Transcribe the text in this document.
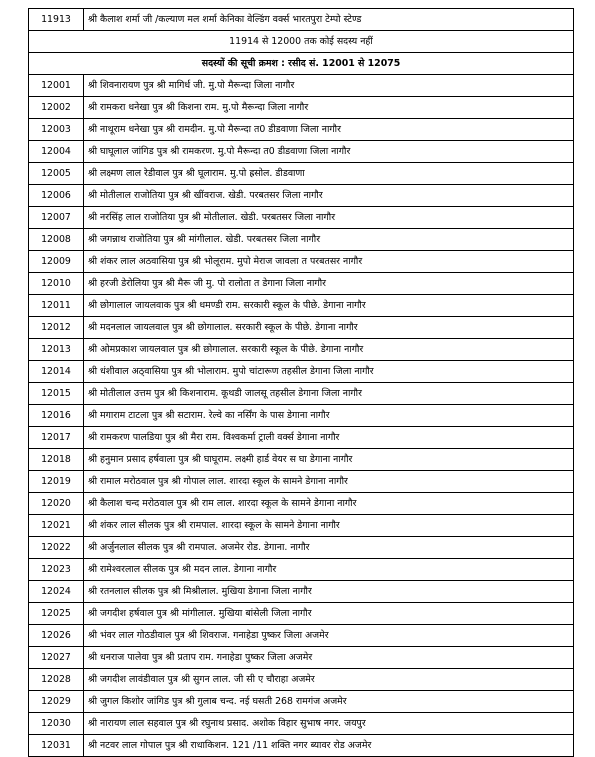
11913	श्री कैलाश शर्मा जी /कल्याण मल शर्मा केनिका वेल्डिंग वर्क्स भारतपुरा टेम्पो स्टेण्ड
11914 से 12000 तक कोई सदस्य नहीं	
सदस्यों की सूची क्रमश : रसीद सं. 12001 से 12075	
12001	श्री शिवनारायण पुत्र श्री मागिर्ध जी. मु.पो मैरून्दा जिला नागौर
12002	श्री रामकरा धनेखा पुत्र श्री किशना राम. मु.पो मैरून्दा जिला नागौर
12003	श्री नाथूराम धनेखा पुत्र श्री रामदीन. मु.पो मैरून्दा त0 डीडवाणा जिला नागौर
12004	श्री घाघूलाल जांगिड पुत्र श्री रामकरण. मु.पो मैरून्दा त0 डीडवाणा जिला नागौर
12005	श्री लक्ष्मण लाल रेडीवाल पुत्र श्री घूलाराम. मु.पो ह्रसोल. डीडवाणा
12006	श्री मोतीलाल राजोतिया पुत्र श्री खींवराज. खेडी. परबतसर जिला नागौर
12007	श्री नरसिंह लाल राजोतिया पुत्र श्री मोतीलाल. खेडी. परबतसर जिला नागौर
12008	श्री जगन्नाथ राजोतिया पुत्र श्री मांगीलाल. खेडी. परबतसर जिला नागौर
12009	श्री शंकर लाल अठवासिया पुत्र श्री भोलूराम. मुपो मेराज जावला त परबतसर नागौर
12010	श्री हरजी डेरोलिया पुत्र श्री मैरू जी मु. पो रालोता त डेगाना जिला नागौर
12011	श्री छोगालाल जायलवाक पुत्र श्री धमण्डी राम. सरकारी स्कूल के पीछे. डेगाना नागौर
12012	श्री मदनलाल जायलवाल पुत्र श्री छोगालाल. सरकारी स्कूल के पीछे. डेगाना नागौर
12013	श्री ओमप्रकाश जायलवाल पुत्र श्री छोगालाल. सरकारी स्कूल के पीछे. डेगाना नागौर
12014	श्री धंशीवाल अठ्वासिया पुत्र श्री भोलाराम. मुपो चांटारूण तहसील डेगाना जिला नागौर
12015	श्री मोतीलाल उत्तम पुत्र श्री किशनाराम. कूथडी जालसू तहसील डेगाना जिला नागौर
12016	श्री मगाराम टाटला पुत्र श्री सटाराम. रेल्वे का नर्सिंग के पास डेगाना नागौर
12017	श्री रामकरण पालडिया पुत्र श्री मैरा राम. विश्वकर्मा ट्राली वर्क्स डेगाना नागौर
12018	श्री हनुमान प्रसाद हर्षवाला पुत्र श्री घाघूराम. लक्ष्मी हार्ड वेयर स घा डेगाना नागौर
12019	श्री रामाल मरोठवाल पुत्र श्री गोपाल लाल. शारदा स्कूल के सामने डेगाना नागौर
12020	श्री कैलाश चन्द मरोठवाल पुत्र श्री राम लाल. शारदा स्कूल के सामने डेगाना नागौर
12021	श्री शंकर लाल सीलक पुत्र श्री रामपाल. शारदा स्कूल के सामने डेगाना नागौर
12022	श्री अर्जुनलाल सीलक पुत्र श्री रामपाल. अजमेर रोड. डेगाना. नागौर
12023	श्री रामेश्वरलाल सीलक पुत्र श्री मदन लाल. डेगाना नागौर
12024	श्री रतनलाल सीलक पुत्र श्री मिश्रीलाल. मुखिया डेगाना जिला नागौर
12025	श्री जगदीश हर्षवाल पुत्र श्री मांगीलाल. मुखिया बांसेली जिला नागौर
12026	श्री भंवर लाल गोठडीवाल पुत्र श्री शिवराज. गनाहेडा पुष्कर जिला अजमेर
12027	श्री धनराज पालेवा पुत्र श्री प्रताप राम. गनाहेडा पुष्कर जिला अजमेर
12028	श्री जगदीश लावंडीवाल पुत्र श्री सुगन लाल. जी सी ए चौराहा अजमेर
12029	श्री जुगल किशोर जांगिड पुत्र श्री गुलाब चन्द. नई घसती 268 रामगंज अजमेर
12030	श्री नारायण लाल सहवाल पुत्र श्री रघुनाथ प्रसाद. अशोक विहार सुभाष नगर. जयपुर
12031	श्री नटवर लाल गोपाल पुत्र श्री राधाकिशन. 121 /11 शक्ति नगर ब्यावर रोड अजमेर
